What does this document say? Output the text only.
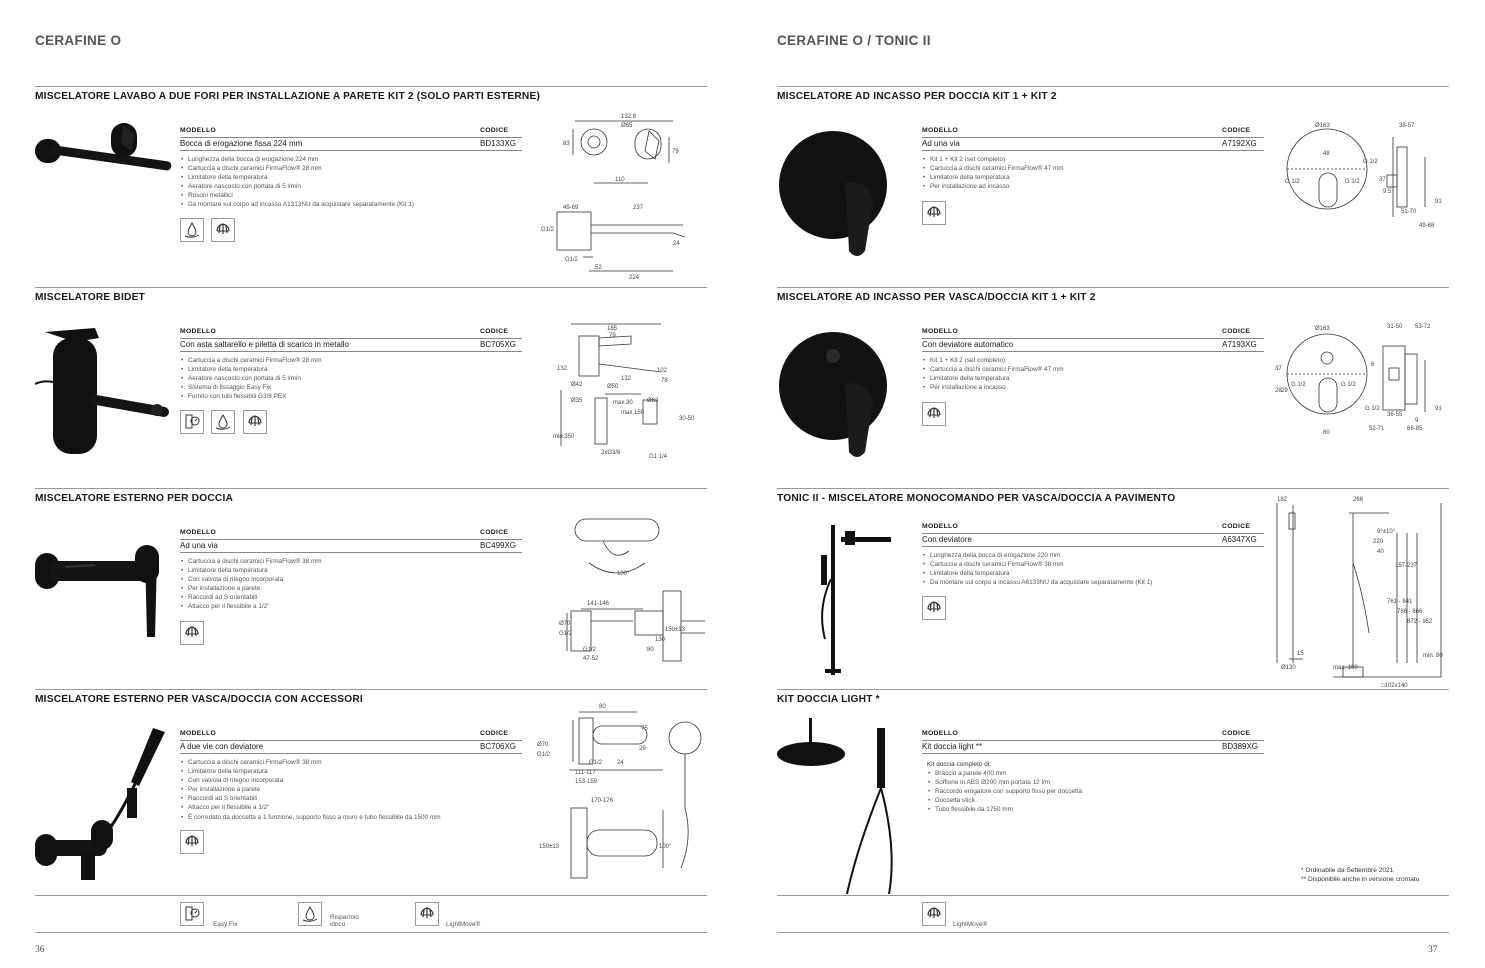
CERAFINE O
MISCELATORE LAVABO A DUE FORI PER INSTALLAZIONE A PARETE KIT 2 (SOLO PARTI ESTERNE)
MODELLO	CODICE
Bocca di erogazione fissa 224 mm	BD133XG
• Lunghezza della bocca di erogazione 224 mm
• Cartuccia a dischi ceramici FirmaFlow® 28 mm
• Limitatore della temperatura
• Aeratore nascosto con portata di 5 l/min
• Rosoni metallici
• Da montare sul corpo ad incasso A1313NU da acquistare separatamente (Kit 1)

132,8
Ø65
83
79
110
49-69	237
G1/2
24
G1/2
52
224
MISCELATORE BIDET
MODELLO	CODICE
Con asta saltarello e piletta di scarico in metallo	BC705XG
• Cartuccia a dischi ceramici FirmaFlow® 28 mm
• Limitatore della temperatura
• Aeratore nascosto con portata di 5 l/min
• Sistema di fissaggio Easy Fix
• Fornito con tubi flessibili G3/8 PEX

185
79
132	102
78
Ø42	Ø50
132
Ø35	max.30 Ø63
max.150
min.350
30-50
2xG3/8
G1 1/4
MISCELATORE ESTERNO PER DOCCIA
MODELLO	CODICE
Ad una via	BC499XG
• Cartuccia a dischi ceramici FirmaFlow® 38 mm
• Limitatore della temperatura
• Con valvola di ritegno incorporata
• Per installazione a parete
• Raccordi ad S orientabili
• Attacco per il flessibile a 1/2"
100°
141-146
Ø70
G1/2
G1/2	80
130
150±13
47-52
MISCELATORE ESTERNO PER VASCA/DOCCIA CON ACCESSORI
MODELLO	CODICE
A due vie con deviatore	BC706XG
• Cartuccia a dischi ceramici FirmaFlow® 38 mm
• Limitatore della temperatura
• Con valvola di ritegno incorporata
• Per installazione a parete
• Raccordi ad S orientabili
• Attacco per il flessibile a 1/2"
• È corredato da doccetta a 1 funzione, supporto fisso a muro e tubo flessibile da 1500 mm
80
75
Ø70
G1/2
29
G1/2 24
111-117
153-159
170-176
150±13	100°
Easy Fix
Risparmio idrico	LightMove®
36
CERAFINE O / TONIC II
MISCELATORE AD INCASSO PER DOCCIA KIT 1 + KIT 2
MODELLO	CODICE
Ad una via	A7192XG
• Kit 1 + Kit 2 (set completo)
• Cartuccia a dischi ceramici FirmaFlow® 47 mm
• Limitatore della temperatura
• Per installazione ad incasso
Ø163
48
G 1/2	G 1/2
38-57
G 1/2
37
9.5
51-70
91
49-68
MISCELATORE AD INCASSO PER VASCA/DOCCIA KIT 1 + KIT 2
MODELLO	CODICE
Con deviatore automatico	A7193XG
• Kit 1 + Kit 2 (set completo)
• Cartuccia a dischi ceramici FirmaFlow® 47 mm
• Limitatore della temperatura
• Per installazione a incasso
Ø163	31-50 53-72
37
G 1/2	G 1/2
28 29
60
G 1/2
36-55
52-71
9
66-85
91
6
TONIC II - MISCELATORE MONOCOMANDO PER VASCA/DOCCIA A PAVIMENTO
MODELLO	CODICE
Con deviatore	A6347XG
• Lunghezza della bocca di erogazione 220 mm
• Cartuccia a dischi ceramici FirmaFlow® 38 mm
• Limitatore della temperatura
• Da montare sul corpo a incasso A6133NU da acquistare separatamente (Kit 1)
182	268
9°±10°
220
40
157-237
761 - 841
786 - 866
872 - 952
15
Ø130	max. 160
min. 80
□102x140
KIT DOCCIA LIGHT *
MODELLO	CODICE
Kit doccia light **	BD389XG
Kit doccia completo di:
• Braccio a parete 400 mm
• Soffione in ABS Ø200 mm portata 12 l/m
• Raccordo erogatore con supporto fisso per doccetta
• Doccetta stick
• Tubo flessibile da 1750 mm
* Ordinabile da Settembre 2021
** Disponibile anche in versione cromato
LightMove®
37
